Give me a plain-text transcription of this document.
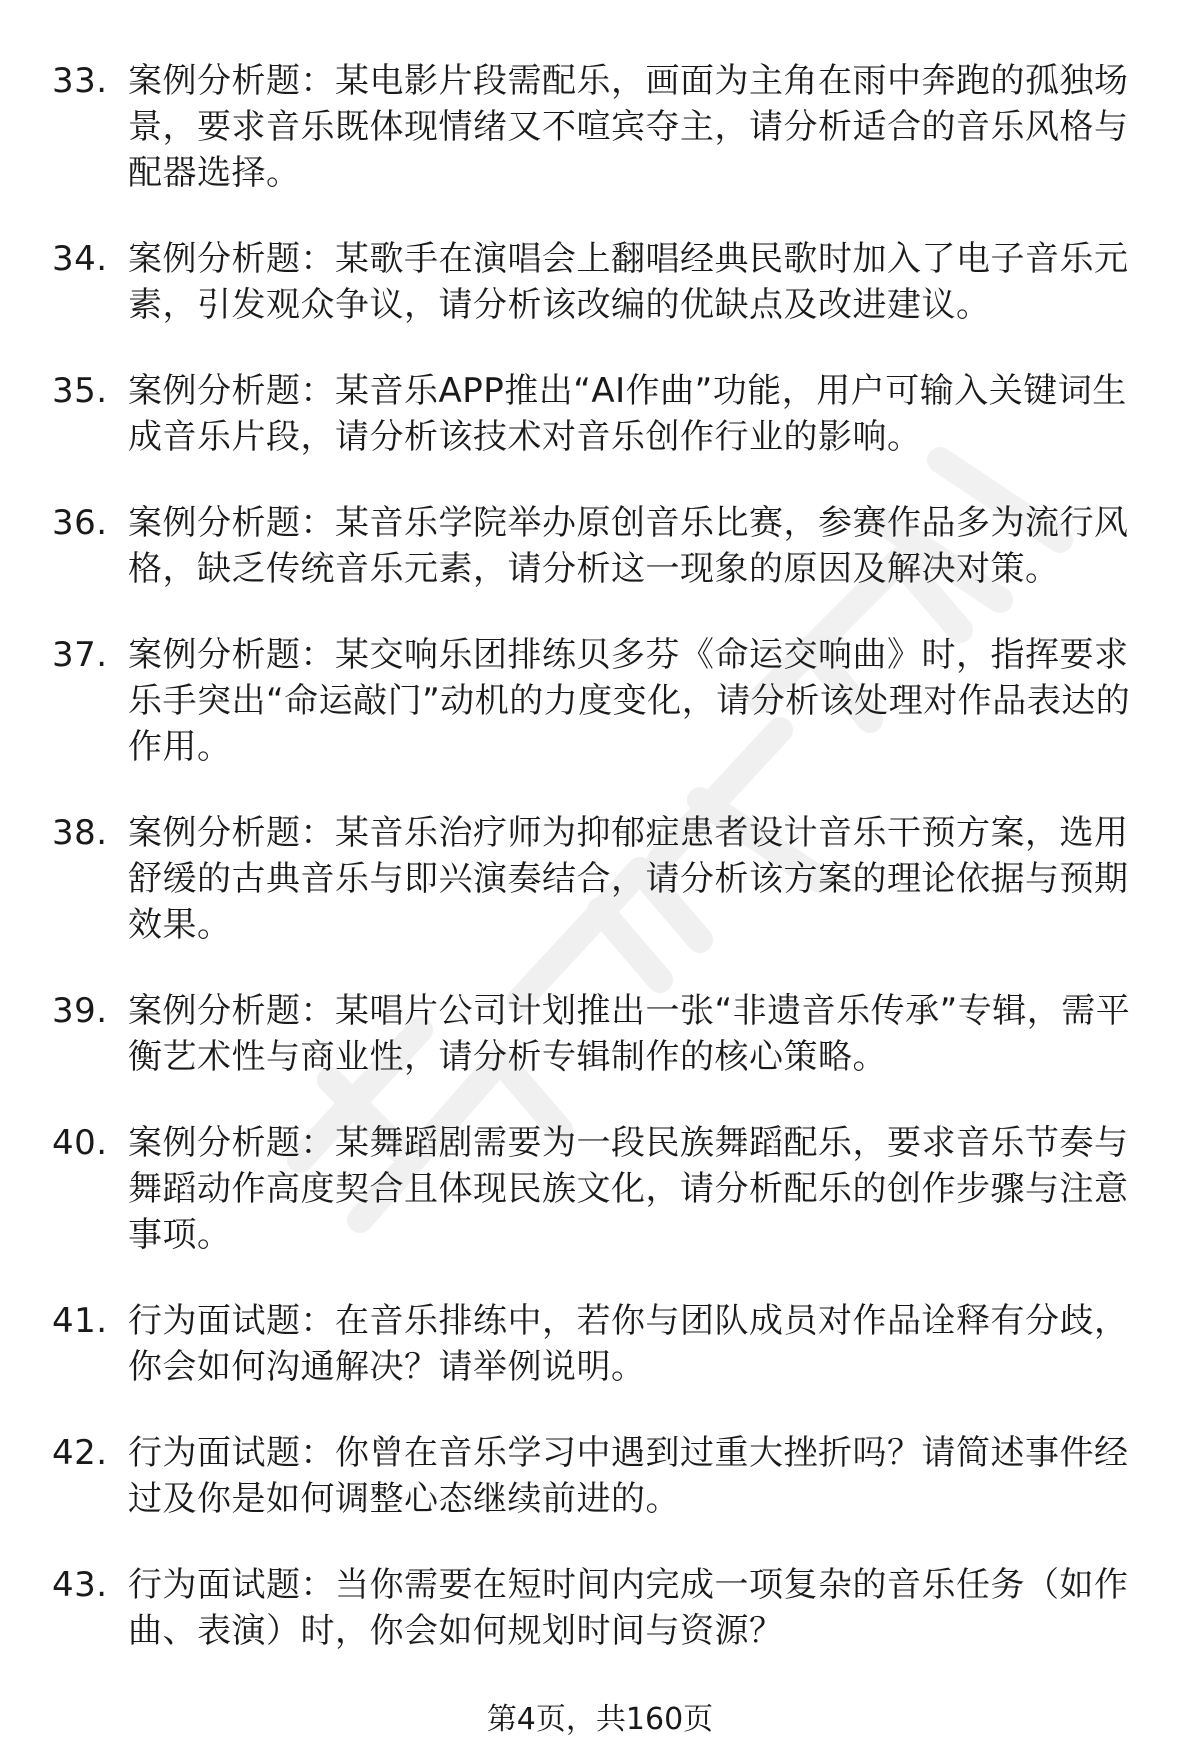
33. 案例分析题：某电影片段需配乐，画面为主角在雨中奔跑的孤独场景，要求音乐既体现情绪又不喧宾夺主，请分析适合的音乐风格与配器选择。
34. 案例分析题：某歌手在演唱会上翻唱经典民歌时加入了电子音乐元素，引发观众争议，请分析该改编的优缺点及改进建议。
35. 案例分析题：某音乐APP推出“AI作曲”功能，用户可输入关键词生成音乐片段，请分析该技术对音乐创作行业的影响。
36. 案例分析题：某音乐学院举办原创音乐比赛，参赛作品多为流行风格，缺乏传统音乐元素，请分析这一现象的原因及解决对策。
37. 案例分析题：某交响乐团排练贝多芬《命运交响曲》时，指挥要求乐手突出“命运敲门”动机的力度变化，请分析该处理对作品表达的作用。
38. 案例分析题：某音乐治疗师为抑郁症患者设计音乐干预方案，选用舒缓的古典音乐与即兴演奏结合，请分析该方案的理论依据与预期效果。
39. 案例分析题：某唱片公司计划推出一张“非遗音乐传承”专辑，需平衡艺术性与商业性，请分析专辑制作的核心策略。
40. 案例分析题：某舞蹈剧需要为一段民族舞蹈配乐，要求音乐节奏与舞蹈动作高度契合且体现民族文化，请分析配乐的创作步骤与注意事项。
41. 行为面试题：在音乐排练中，若你与团队成员对作品诠释有分歧，你会如何沟通解决？请举例说明。
42. 行为面试题：你曾在音乐学习中遇到过重大挫折吗？请简述事件经过及你是如何调整心态继续前进的。
43. 行为面试题：当你需要在短时间内完成一项复杂的音乐任务（如作曲、表演）时，你会如何规划时间与资源？
第4页，共160页
